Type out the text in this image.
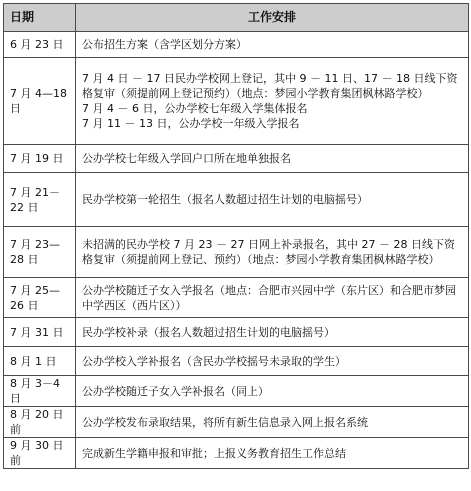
日期	工作安排
6 月 23 日	公布招生方案（含学区划分方案）

7 月 4—18 日	7 月 4 日 － 17 日民办学校网上登记，其中 9 － 11 日、17 － 18 日线下资格复审（须提前网上登记预约）（地点：梦园小学教育集团枫林路学校）
7 月 4 － 6 日，公办学校七年级入学集体报名
7 月 11 － 13 日，公办学校一年级入学报名

7 月 19 日	公办学校七年级入学回户口所在地单独报名

7 月 21－22 日	民办学校第一轮招生（报名人数超过招生计划的电脑摇号）

7 月 23—28 日	未招满的民办学校 7 月 23 － 27 日网上补录报名，其中 27 － 28 日线下资格复审（须提前网上登记、预约）（地点：梦园小学教育集团枫林路学校）

7 月 25—26 日	公办学校随迁子女入学报名（地点：合肥市兴园中学（东片区）和合肥市梦园中学西区（西片区））

7 月 31 日	民办学校补录（报名人数超过招生计划的电脑摇号）

8 月 1 日	公办学校入学补报名（含民办学校摇号未录取的学生）

8 月 3－4 日	公办学校随迁子女入学补报名（同上）

8 月 20 日前	公办学校发布录取结果，将所有新生信息录入网上报名系统

9 月 30 日前	完成新生学籍申报和审批；上报义务教育招生工作总结
